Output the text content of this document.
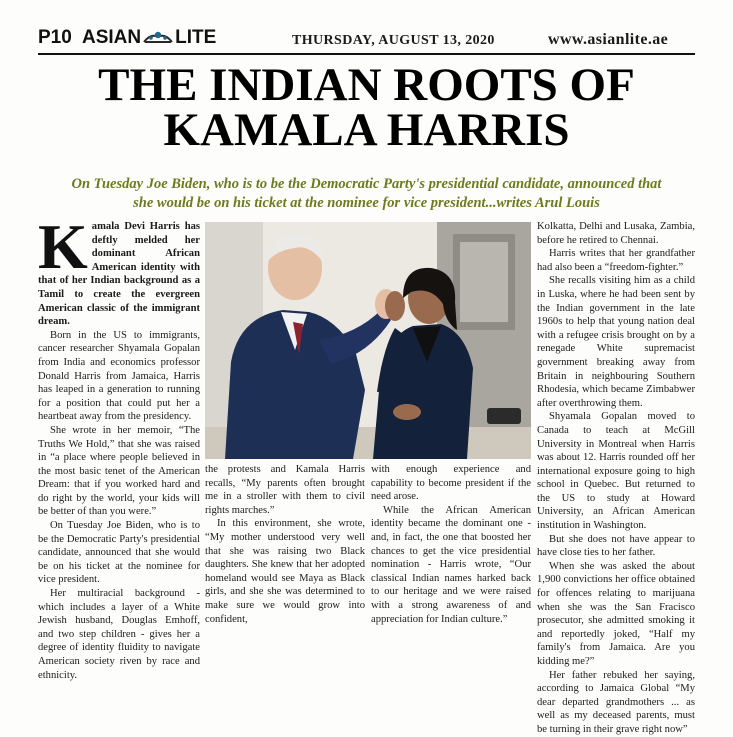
P10 ASIAN LITE	THURSDAY, AUGUST 13, 2020	www.asianlite.ae
THE INDIAN ROOTS OF
KAMALA HARRIS
On Tuesday Joe Biden, who is to be the Democratic Party's presidential candidate, announced that she would be on his ticket at the nominee for vice president...writes Arul Louis
K amala Devi Harris has deftly melded her dominant African American identity with that of her Indian background as a Tamil to create the evergreen American classic of the immigrant dream.

Born in the US to immigrants, cancer researcher Shyamala Gopalan from India and economics professor Donald Harris from Jamaica, Harris has leaped in a generation to running for a position that could put her a heartbeat away from the presidency.

She wrote in her memoir, “The Truths We Hold,” that she was raised in “a place where people believed in the most basic tenet of the American Dream: that if you worked hard and do right by the world, your kids will be better of than you were.”

On Tuesday Joe Biden, who is to be the Democratic Party's presidential candidate, announced that she would be on his ticket at the nominee for vice president.

Her multiracial background - which includes a layer of a White Jewish husband, Douglas Emhoff, and two step children - gives her a degree of identity fluidity to navigate American society riven by race and ethnicity.

the protests and Kamala Harris recalls, “My parents often brought me in a stroller with them to civil rights marches.”

In this environment, she wrote, “My mother understood very well that she was raising two Black daughters. She knew that her adopted homeland would see Maya as Black girls, and she she was determined to make sure we would grow into confident,

with enough experience and capability to become president if the need arose.

While the African American identity became the dominant one - and, in fact, the one that boosted her chances to get the vice presidential nomination - Harris wrote, “Our classical Indian names harked back to our heritage and we were raised with a strong awareness of and appreciation for Indian culture.”

Kolkatta, Delhi and Lusaka, Zambia, before he retired to Chennai.

Harris writes that her grandfather had also been a “freedom-fighter.”

She recalls visiting him as a child in Luska, where he had been sent by the Indian government in the late 1960s to help that young nation deal with a refugee crisis brought on by a renegade White supremacist government breaking away from Britain in neighbouring Southern Rhodesia, which became Zimbabwer after overthrowing them.

Shyamala Gopalan moved to Canada to teach at McGill University in Montreal when Harris was about 12. Harris rounded off her international exposure going to high school in Quebec. But returned to the US to study at Howard University, an African American institution in Washington.

But she does not have appear to have close ties to her father.

When she was asked the about 1,900 convictions her office obtained for offences relating to marijuana when she was the San Fracisco prosecutor, she admitted smoking it and reportedly joked, “Half my family's from Jamaica. Are you kidding me?”

Her father rebuked her saying, according to Jamaica Global “My dear departed grandmothers ... as well as my deceased parents, must be turning in their grave right now”
